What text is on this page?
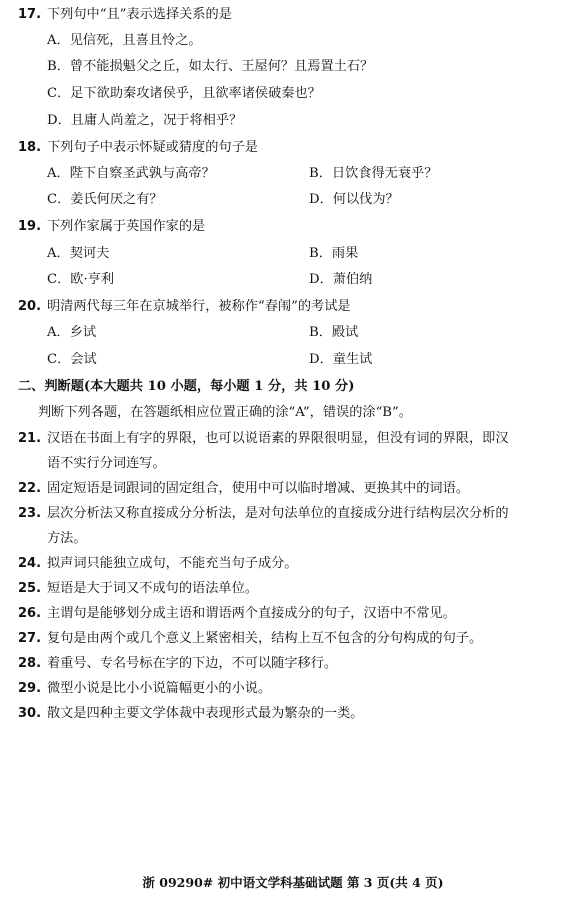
17. 下列句中“且”表示选择关系的是
A．见信死，且喜且怜之。
B．曾不能损魁父之丘，如太行、王屋何？且焉置土石？
C．足下欲助秦攻诸侯乎，且欲率诸侯破秦也？
D．且庸人尚羞之，况于将相乎？
18. 下列句子中表示怀疑或猜度的句子是
A．陛下自察圣武孰与高帝？	B．日饮食得无衰乎？
C．姜氏何厌之有？	D．何以伐为？
19. 下列作家属于英国作家的是
A．契诃夫	B．雨果
C．欧·亨利	D．萧伯纳
20. 明清两代每三年在京城举行，被称作“春闱”的考试是
A．乡试	B．殿试
C．会试	D．童生试
二、判断题(本大题共 10 小题，每小题 1 分，共 10 分)
判断下列各题，在答题纸相应位置正确的涂“A”，错误的涂“B”。
21. 汉语在书面上有字的界限，也可以说语素的界限很明显，但没有词的界限，即汉
语不实行分词连写。
22. 固定短语是词跟词的固定组合，使用中可以临时增减、更换其中的词语。
23. 层次分析法又称直接成分分析法，是对句法单位的直接成分进行结构层次分析的
方法。
24. 拟声词只能独立成句，不能充当句子成分。
25. 短语是大于词又不成句的语法单位。
26. 主谓句是能够划分成主语和谓语两个直接成分的句子，汉语中不常见。
27. 复句是由两个或几个意义上紧密相关，结构上互不包含的分句构成的句子。
28. 着重号、专名号标在字的下边，不可以随字移行。
29. 微型小说是比小小说篇幅更小的小说。
30. 散文是四种主要文学体裁中表现形式最为繁杂的一类。
浙 09290# 初中语文学科基础试题 第 3 页(共 4 页)
